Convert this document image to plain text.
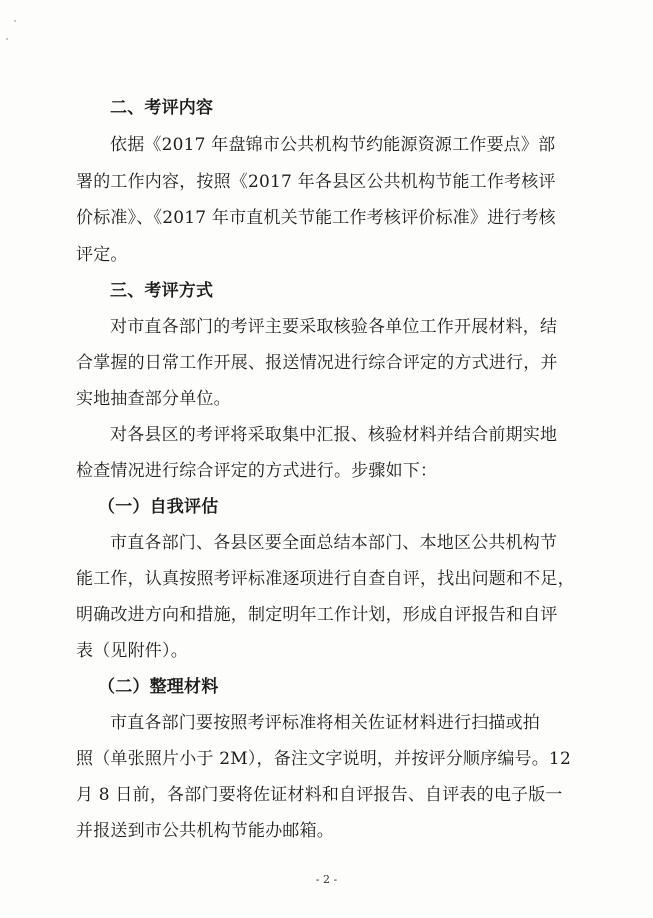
二、考评内容
依据《2017 年盘锦市公共机构节约能源资源工作要点》部
署的工作内容，按照《2017 年各县区公共机构节能工作考核评
价标准》、《2017 年市直机关节能工作考核评价标准》进行考核
评定。
三、考评方式
对市直各部门的考评主要采取核验各单位工作开展材料，结
合掌握的日常工作开展、报送情况进行综合评定的方式进行，并
实地抽查部分单位。
对各县区的考评将采取集中汇报、核验材料并结合前期实地
检查情况进行综合评定的方式进行。步骤如下：
（一）自我评估
市直各部门、各县区要全面总结本部门、本地区公共机构节
能工作，认真按照考评标准逐项进行自查自评，找出问题和不足，
明确改进方向和措施，制定明年工作计划，形成自评报告和自评
表（见附件）。
（二）整理材料
市直各部门要按照考评标准将相关佐证材料进行扫描或拍
照（单张照片小于 2M），备注文字说明，并按评分顺序编号。12
月 8 日前，各部门要将佐证材料和自评报告、自评表的电子版一
并报送到市公共机构节能办邮箱。
- 2 -
